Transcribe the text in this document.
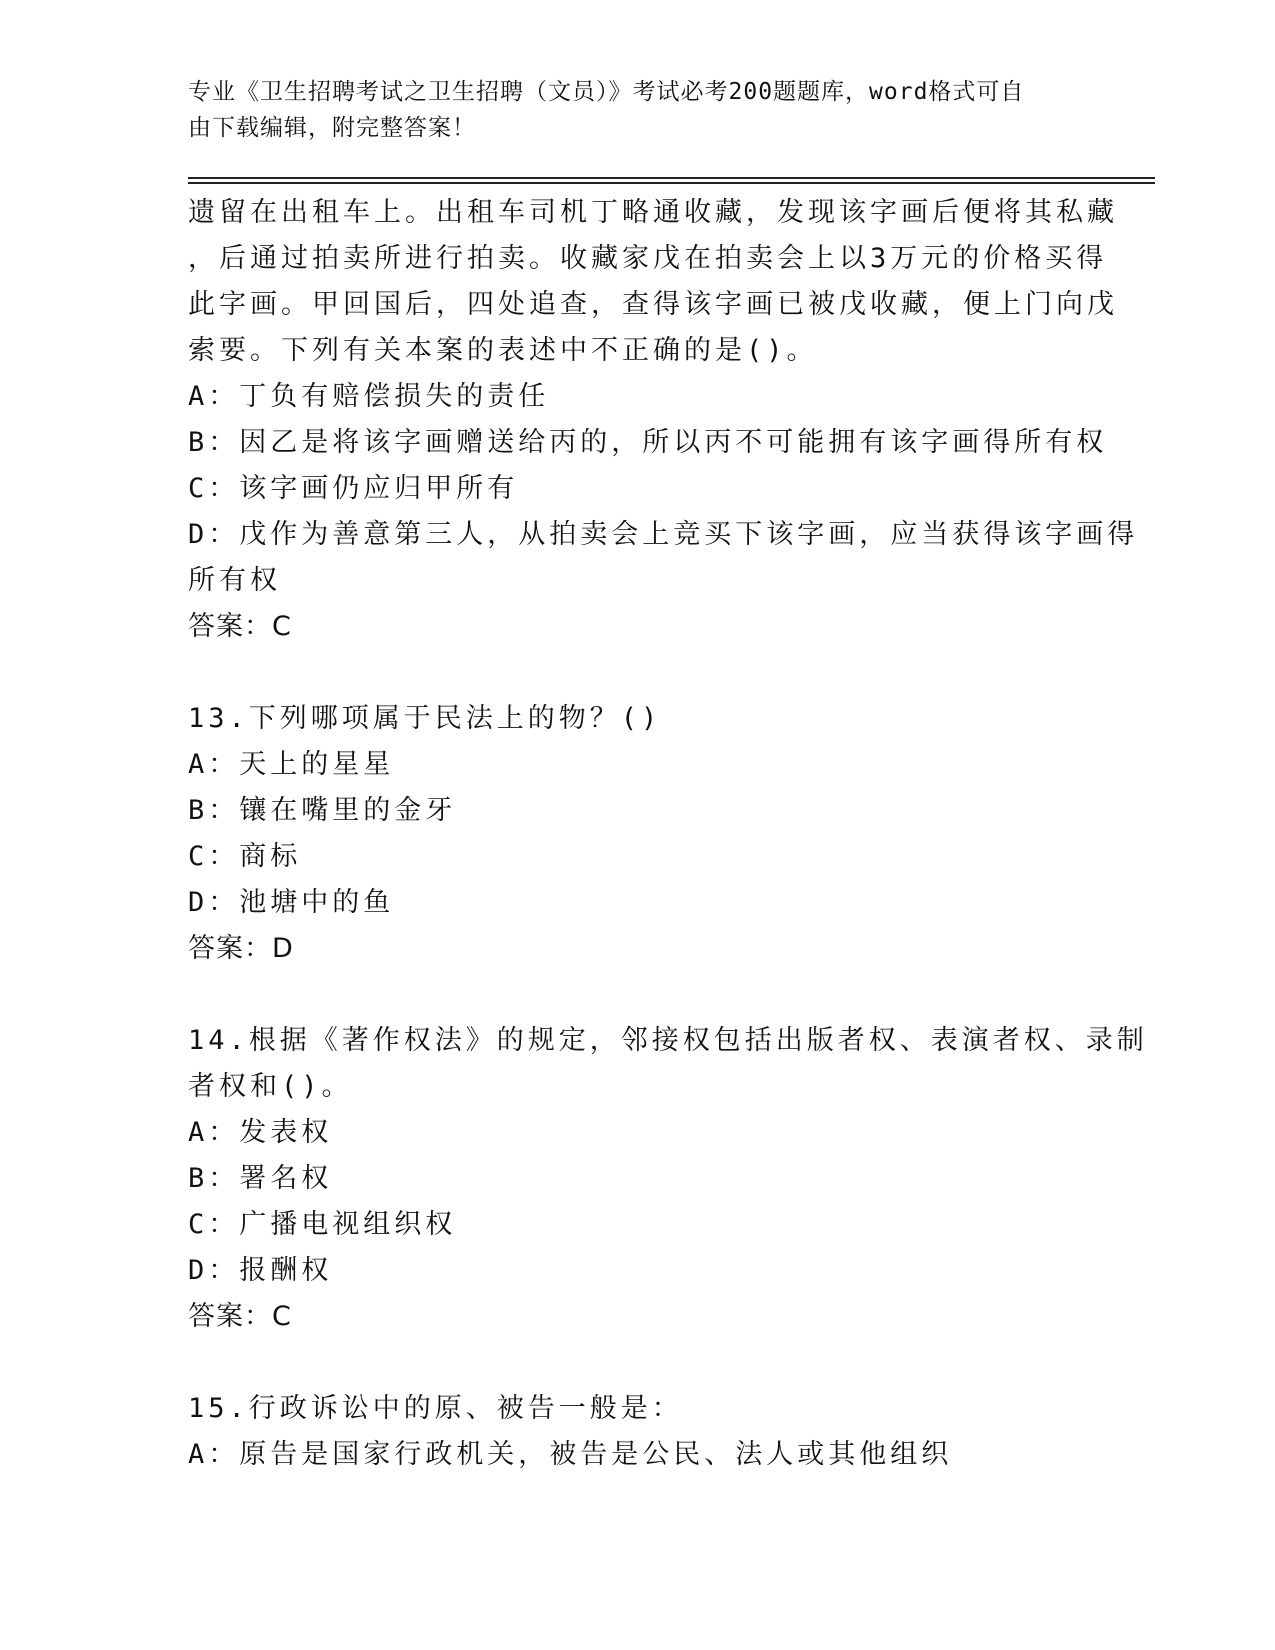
专业《卫生招聘考试之卫生招聘（文员）》考试必考200题题库，word格式可自
由下载编辑，附完整答案！
遗留在出租车上。出租车司机丁略通收藏，发现该字画后便将其私藏
，后通过拍卖所进行拍卖。收藏家戊在拍卖会上以3万元的价格买得
此字画。甲回国后，四处追查，查得该字画已被戊收藏，便上门向戊
索要。下列有关本案的表述中不正确的是()。
A：丁负有赔偿损失的责任
B：因乙是将该字画赠送给丙的，所以丙不可能拥有该字画得所有权
C：该字画仍应归甲所有
D：戊作为善意第三人，从拍卖会上竞买下该字画，应当获得该字画得
所有权
答案：C
13.下列哪项属于民法上的物？()
A：天上的星星
B：镶在嘴里的金牙
C：商标
D：池塘中的鱼
答案：D
14.根据《著作权法》的规定，邻接权包括出版者权、表演者权、录制
者权和()。
A：发表权
B：署名权
C：广播电视组织权
D：报酬权
答案：C
15.行政诉讼中的原、被告一般是：
A：原告是国家行政机关，被告是公民、法人或其他组织
